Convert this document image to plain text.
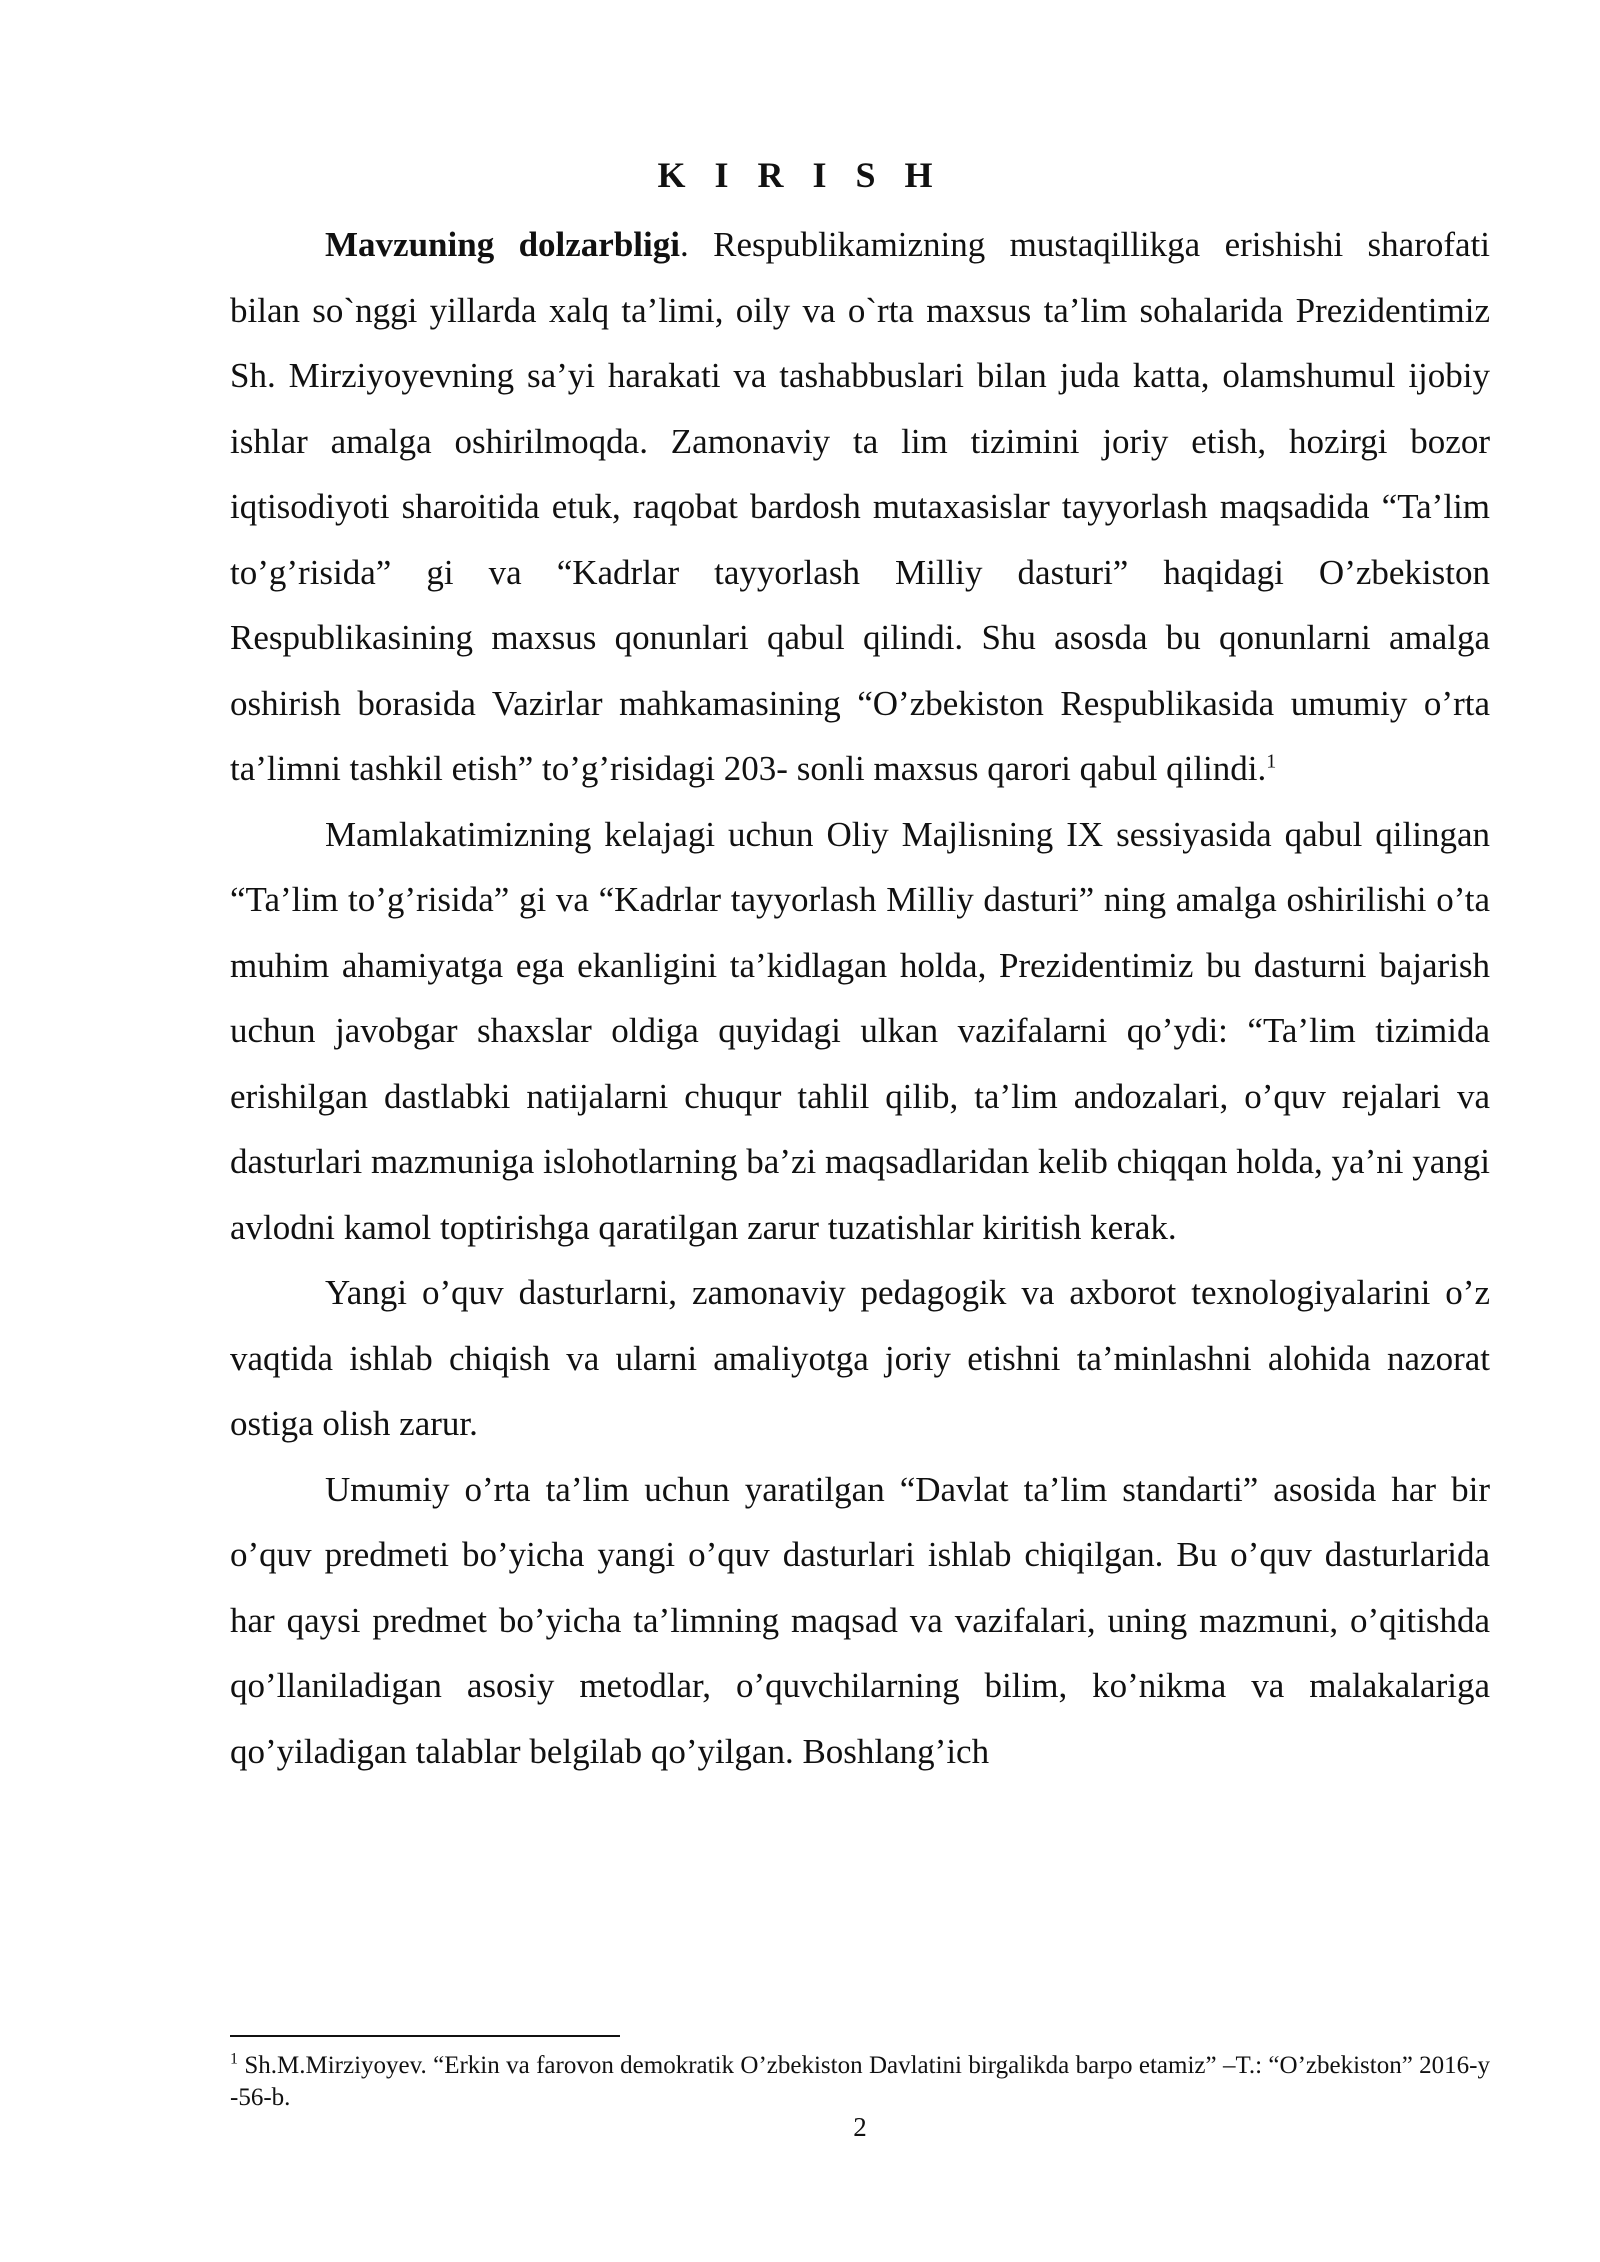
K I R I S H

Mavzuning dolzarbligi. Respublikamizning mustaqillikga erishishi sharofati bilan so`nggi yillarda xalq ta’limi, oily va o`rta maxsus ta’lim sohalarida Prezidentimiz Sh. Mirziyoyevning sa’yi harakati va tashabbuslari bilan juda katta, olamshumul ijobiy ishlar amalga oshirilmoqda. Zamonaviy ta lim tizimini joriy etish, hozirgi bozor iqtisodiyoti sharoitida etuk, raqobat bardosh mutaxasislar tayyorlash maqsadida “Ta’lim to’g’risida” gi va “Kadrlar tayyorlash Milliy dasturi” haqidagi O’zbekiston Respublikasining maxsus qonunlari qabul qilindi. Shu asosda bu qonunlarni amalga oshirish borasida Vazirlar mahkamasining “O’zbekiston Respublikasida umumiy o’rta ta’limni tashkil etish” to’g’risidagi 203- sonli maxsus qarori qabul qilindi.$^1$

Mamlakatimizning kelajagi uchun Oliy Majlisning IX sessiyasida qabul qilingan “Ta’lim to’g’risida” gi va “Kadrlar tayyorlash Milliy dasturi” ning amalga oshirilishi o’ta muhim ahamiyatga ega ekanligini ta’kidlagan holda, Prezidentimiz bu dasturni bajarish uchun javobgar shaxslar oldiga quyidagi ulkan vazifalarni qo’ydi: “Ta’lim tizimida erishilgan dastlabki natijalarni chuqur tahlil qilib, ta’lim andozalari, o’quv rejalari va dasturlari mazmuniga islohotlarning ba’zi maqsadlaridan kelib chiqqan holda, ya’ni yangi avlodni kamol toptirishga qaratilgan zarur tuzatishlar kiritish kerak.

Yangi o’quv dasturlarni, zamonaviy pedagogik va axborot texnologiyalarini o’z vaqtida ishlab chiqish va ularni amaliyotga joriy etishni ta’minlashni alohida nazorat ostiga olish zarur.

Umumiy o’rta ta’lim uchun yaratilgan “Davlat ta’lim standarti” asosida har bir o’quv predmeti bo’yicha yangi o’quv dasturlari ishlab chiqilgan. Bu o’quv dasturlarida har qaysi predmet bo’yicha ta’limning maqsad va vazifalari, uning mazmuni, o’qitishda qo’llaniladigan asosiy metodlar, o’quvchilarning bilim, ko’nikma va malakalariga qo’yiladigan talablar belgilab qo’yilgan. Boshlang’ich

$^1$ Sh.M.Mirziyoyev. “Erkin va farovon demokratik O’zbekiston Davlatini birgalikda barpo etamiz” –T.: “O’zbekiston” 2016-y -56-b.

2
